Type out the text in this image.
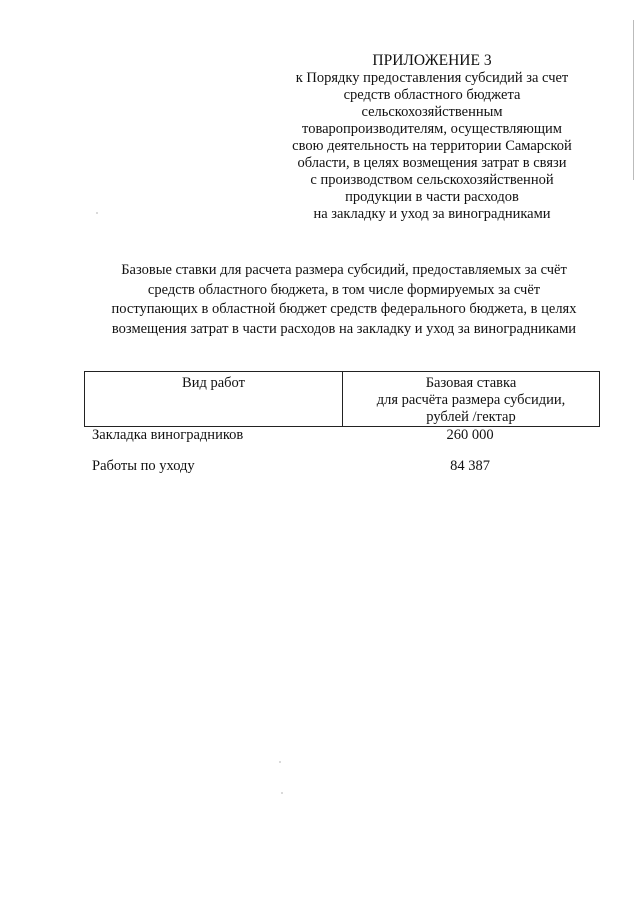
ПРИЛОЖЕНИЕ 3
к Порядку предоставления субсидий за счет
средств областного бюджета
сельскохозяйственным
товаропроизводителям, осуществляющим
свою деятельность на территории Самарской
области, в целях возмещения затрат в связи
с производством сельскохозяйственной
продукции в части расходов
на закладку и уход за виноградниками
Базовые ставки для расчета размера субсидий, предоставляемых за счёт
средств областного бюджета, в том числе формируемых за счёт
поступающих в областной бюджет средств федерального бюджета, в целях
возмещения затрат в части расходов на закладку и уход за виноградниками
Вид работ	Базовая ставка
для расчёта размера субсидии,
рублей /гектар
Закладка виноградников	260 000
Работы по уходу	84 387
